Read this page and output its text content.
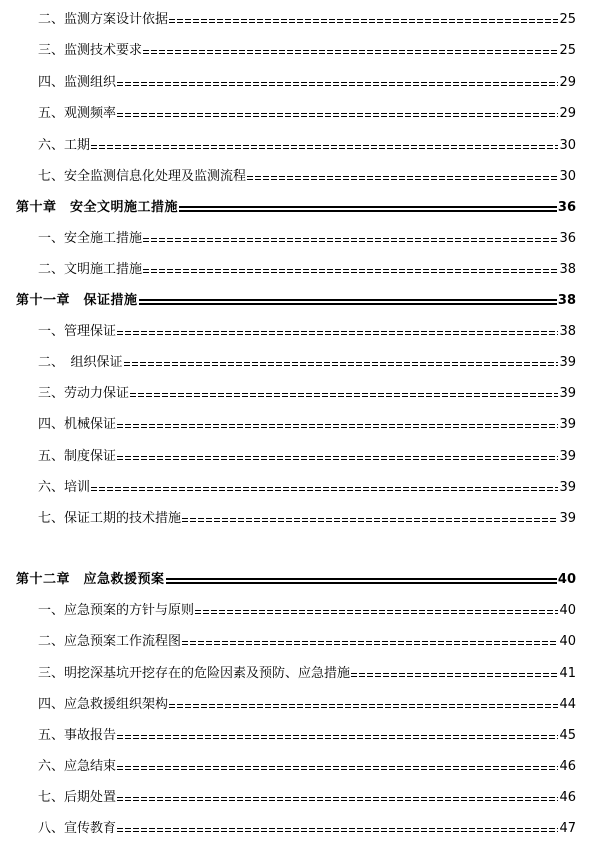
二、监测方案设计依据	25
三、监测技术要求	25
四、监测组织	29
五、观测频率	29
六、工期	30
七、安全监测信息化处理及监测流程	30
第十章　安全文明施工措施	36
一、安全施工措施	36
二、文明施工措施	38
第十一章　保证措施	38
一、管理保证	38
二、　组织保证	39
三、劳动力保证	39
四、机械保证	39
五、制度保证	39
六、培训	39
七、保证工期的技术措施	39
第十二章　应急救援预案	40
一、应急预案的方针与原则	40
二、应急预案工作流程图	40
三、明挖深基坑开挖存在的危险因素及预防、应急措施	41
四、应急救援组织架构	44
五、事故报告	45
六、应急结束	46
七、后期处置	46
八、宣传教育	47
